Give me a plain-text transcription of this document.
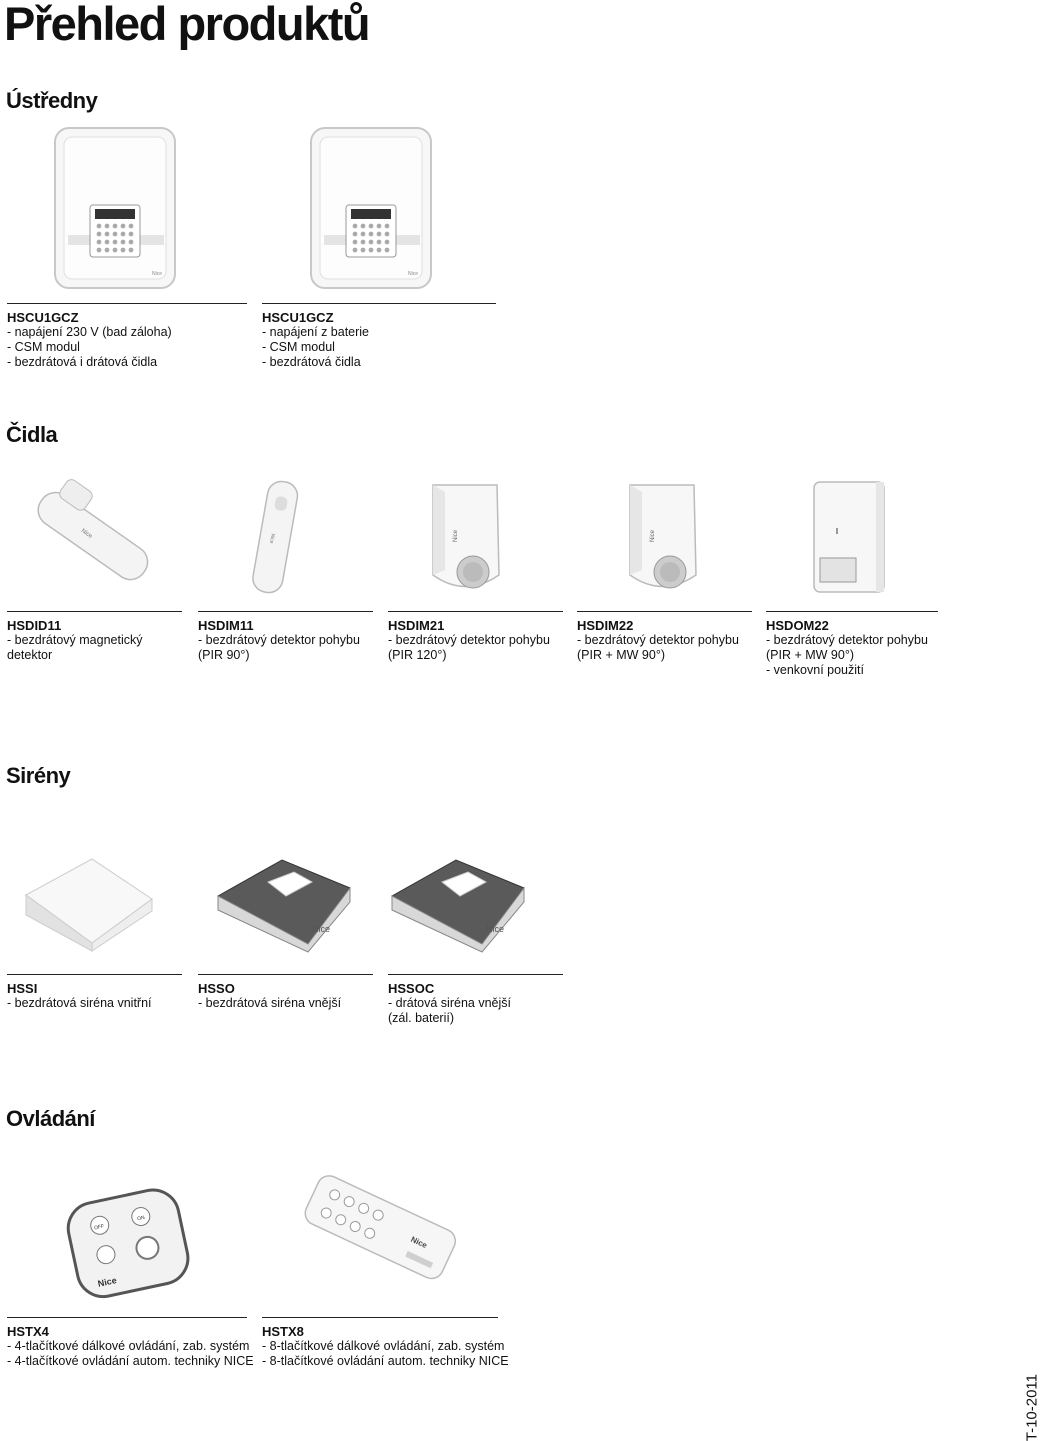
Přehled produktů
Ústředny
Čidla
Sirény
Ovládání
Nice	Nice
Nice	Nice	Nice	Nice
Nice	Nice
OFF
ON
Nice
Nice
HSCU1GCZ
- napájení 230 V (bad záloha)
- CSM modul
- bezdrátová i drátová čidla
HSCU1GCZ
- napájení z baterie
- CSM modul
- bezdrátová čidla
HSDID11
- bezdrátový magnetický
detektor
HSDIM11
- bezdrátový detektor pohybu
(PIR 90°)
HSDIM21
- bezdrátový detektor pohybu
(PIR 120°)
HSDIM22
- bezdrátový detektor pohybu
(PIR + MW 90°)
HSDOM22
- bezdrátový detektor pohybu
(PIR + MW 90°)
- venkovní použití
HSSI
- bezdrátová siréna vnitřní
HSSO
- bezdrátová siréna vnější
HSSOC
- drátová siréna vnější
(zál. baterií)
HSTX4
- 4-tlačítkové dálkové ovládání, zab. systém
- 4-tlačítkové ovládání autom. techniky NICE
HSTX8
- 8-tlačítkové dálkové ovládání, zab. systém
- 8-tlačítkové ovládání autom. techniky NICE
T-10-2011
